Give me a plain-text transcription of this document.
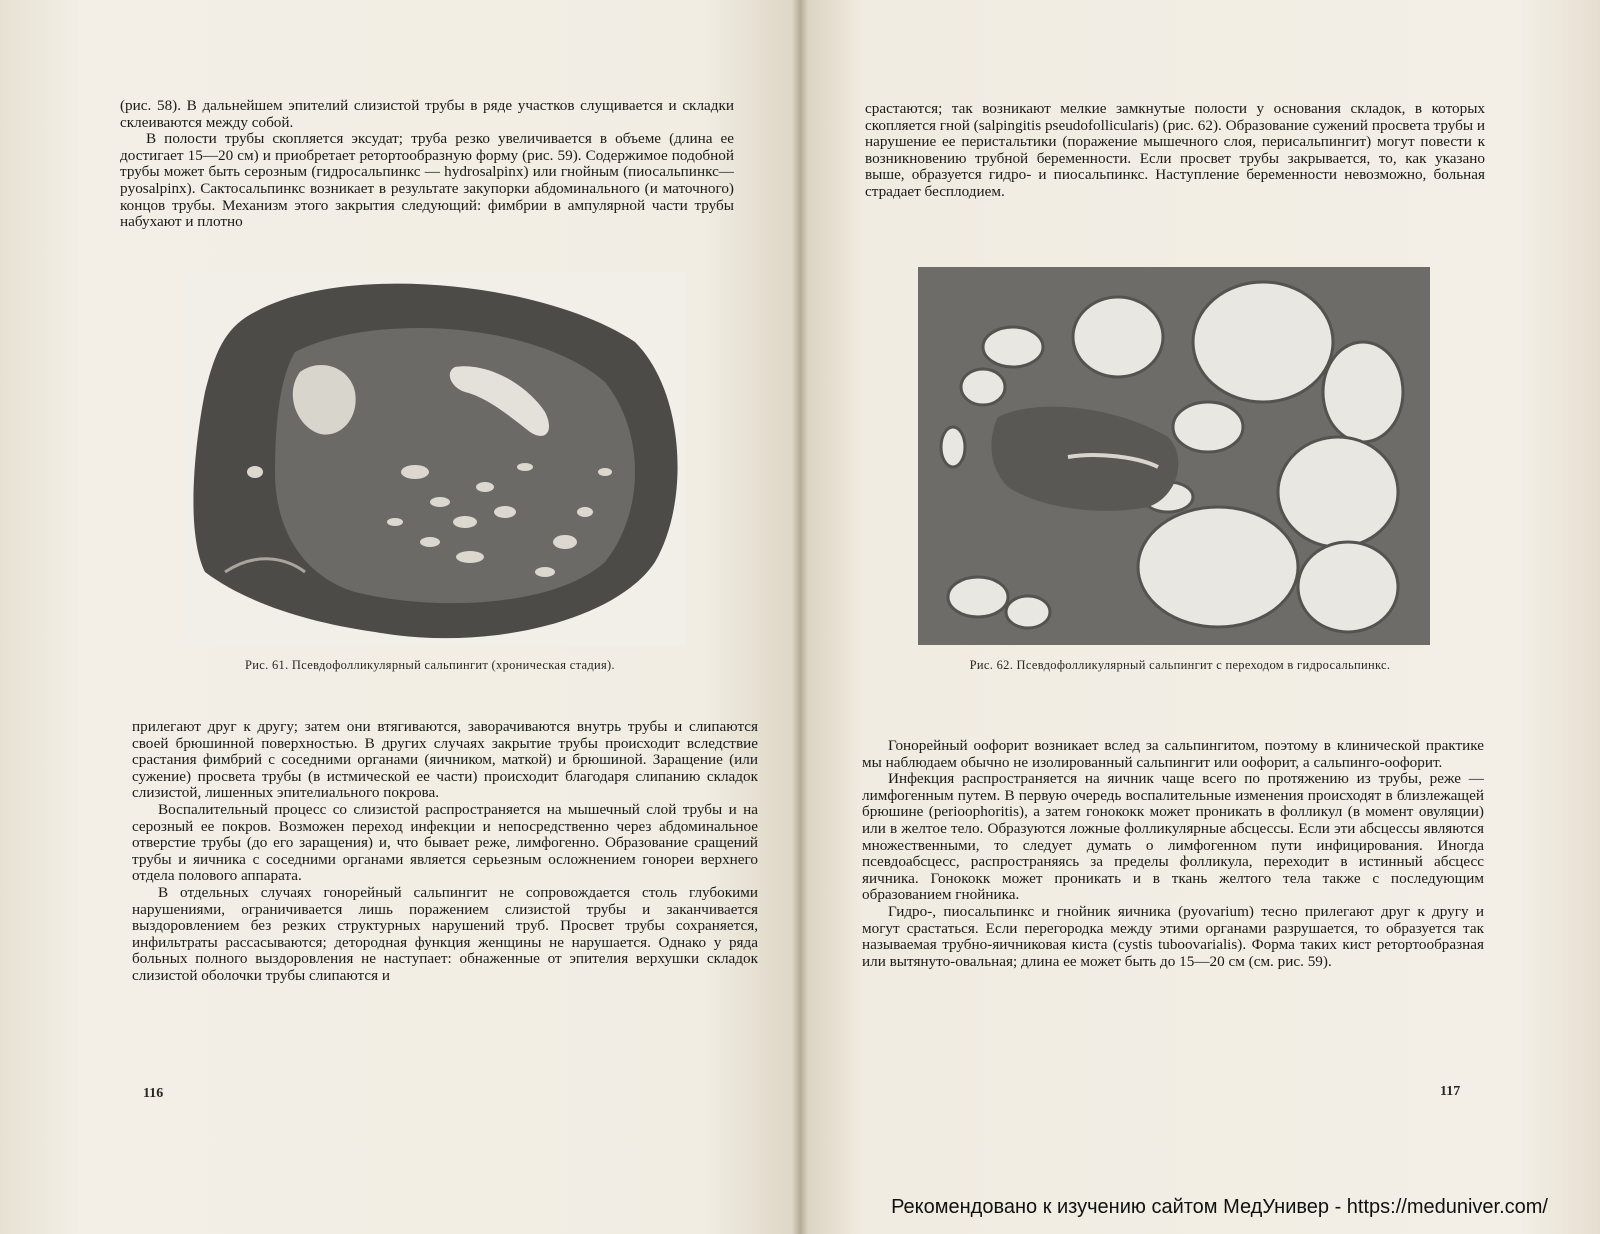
(рис. 58). В дальнейшем эпителий слизистой трубы в ряде участков слущивается и складки склеиваются между собой.

В полости трубы скопляется эксудат; труба резко увеличивается в объеме (длина ее достигает 15—20 см) и приобретает ретортообразную форму (рис. 59). Содержимое подобной трубы может быть серозным (гидросальпинкс — hydrosalpinx) или гнойным (пиосальпинкс— pyosalpinx). Сактосальпинкс возникает в результате закупорки абдоминального (и маточного) концов трубы. Механизм этого закрытия следующий: фимбрии в ампулярной части трубы набухают и плотно

Рис. 61. Псевдофолликулярный сальпингит (хроническая стадия).

прилегают друг к другу; затем они втягиваются, заворачиваются внутрь трубы и слипаются своей брюшинной поверхностью. В других случаях закрытие трубы происходит вследствие срастания фимбрий с соседними органами (яичником, маткой) и брюшиной. Заращение (или сужение) просвета трубы (в истмической ее части) происходит благодаря слипанию складок слизистой, лишенных эпителиального покрова.

Воспалительный процесс со слизистой распространяется на мышечный слой трубы и на серозный ее покров. Возможен переход инфекции и непосредственно через абдоминальное отверстие трубы (до его заращения) и, что бывает реже, лимфогенно. Образование сращений трубы и яичника с соседними органами является серьезным осложнением гонореи верхнего отдела полового аппарата.

В отдельных случаях гонорейный сальпингит не сопровождается столь глубокими нарушениями, ограничивается лишь поражением слизистой трубы и заканчивается выздоровлением без резких структурных нарушений труб. Просвет трубы сохраняется, инфильтраты рассасываются; детородная функция женщины не нарушается. Однако у ряда больных полного выздоровления не наступает: обнаженные от эпителия верхушки складок слизистой оболочки трубы слипаются и

116

срастаются; так возникают мелкие замкнутые полости у основания складок, в которых скопляется гной (salpingitis pseudofollicularis) (рис. 62). Образование сужений просвета трубы и нарушение ее перистальтики (поражение мышечного слоя, перисальпингит) могут повести к возникновению трубной беременности. Если просвет трубы закрывается, то, как указано выше, образуется гидро- и пиосальпинкс. Наступление беременности невозможно, больная страдает бесплодием.

Рис. 62. Псевдофолликулярный сальпингит с переходом в гидросальпинкс.

Гонорейный оофорит возникает вслед за сальпингитом, поэтому в клинической практике мы наблюдаем обычно не изолированный сальпингит или оофорит, а сальпинго-оофорит.

Инфекция распространяется на яичник чаще всего по протяжению из трубы, реже — лимфогенным путем. В первую очередь воспалительные изменения происходят в близлежащей брюшине (perioophoritis), а затем гонококк может проникать в фолликул (в момент овуляции) или в желтое тело. Образуются ложные фолликулярные абсцессы. Если эти абсцессы являются множественными, то следует думать о лимфогенном пути инфицирования. Иногда псевдоабсцесс, распространяясь за пределы фолликула, переходит в истинный абсцесс яичника. Гонококк может проникать и в ткань желтого тела также с последующим образованием гнойника.

Гидро-, пиосальпинкс и гнойник яичника (pyovarium) тесно прилегают друг к другу и могут срастаться. Если перегородка между этими органами разрушается, то образуется так называемая трубно-яичниковая киста (cystis tuboovarialis). Форма таких кист ретортообразная или вытянуто-овальная; длина ее может быть до 15—20 см (см. рис. 59).

117
Рекомендовано к изучению сайтом МедУнивер - https://meduniver.com/
